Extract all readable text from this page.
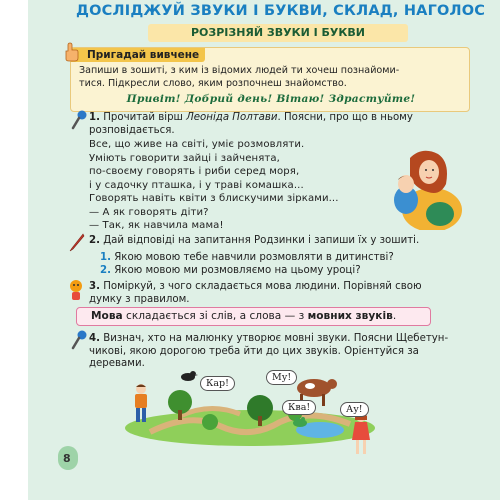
ДОСЛІДЖУЙ ЗВУКИ І БУКВИ, СКЛАД, НАГОЛОС
РОЗРІЗНЯЙ ЗВУКИ І БУКВИ
Пригадай вивчене
Запиши в зошиті, з ким із відомих людей ти хочеш познайоми-
тися. Підкресли слово, яким розпочнеш знайомство.
Привіт! Добрий день! Вітаю! Здрастуйте!
1. Прочитай вірш Леоніда Полтави. Поясни, про що в ньому
розповідається.
Все, що живе на світі, уміє розмовляти.
Уміють говорити зайці і зайченята,
по-своєму говорять і риби серед моря,
і у садочку пташка, і у траві комашка...
Говорять навіть квіти з блискучими зірками...
— А як говорять діти?
— Так, як навчила мама!
2. Дай відповіді на запитання Родзинки і запиши їх у зошиті.
1. Якою мовою тебе навчили розмовляти в дитинстві?
2. Якою мовою ми розмовляємо на цьому уроці?
3. Поміркуй, з чого складається мова людини. Порівняй свою
думку з правилом.
Мова складається зі слів, а слова — з мовних звуків.
4. Визнач, хто на малюнку утворює мовні звуки. Поясни Щебетун-
чикові, якою дорогою треба йти до цих звуків. Орієнтуйся за
деревами.
Кар!
Му!
Ква!	Ау!
8
